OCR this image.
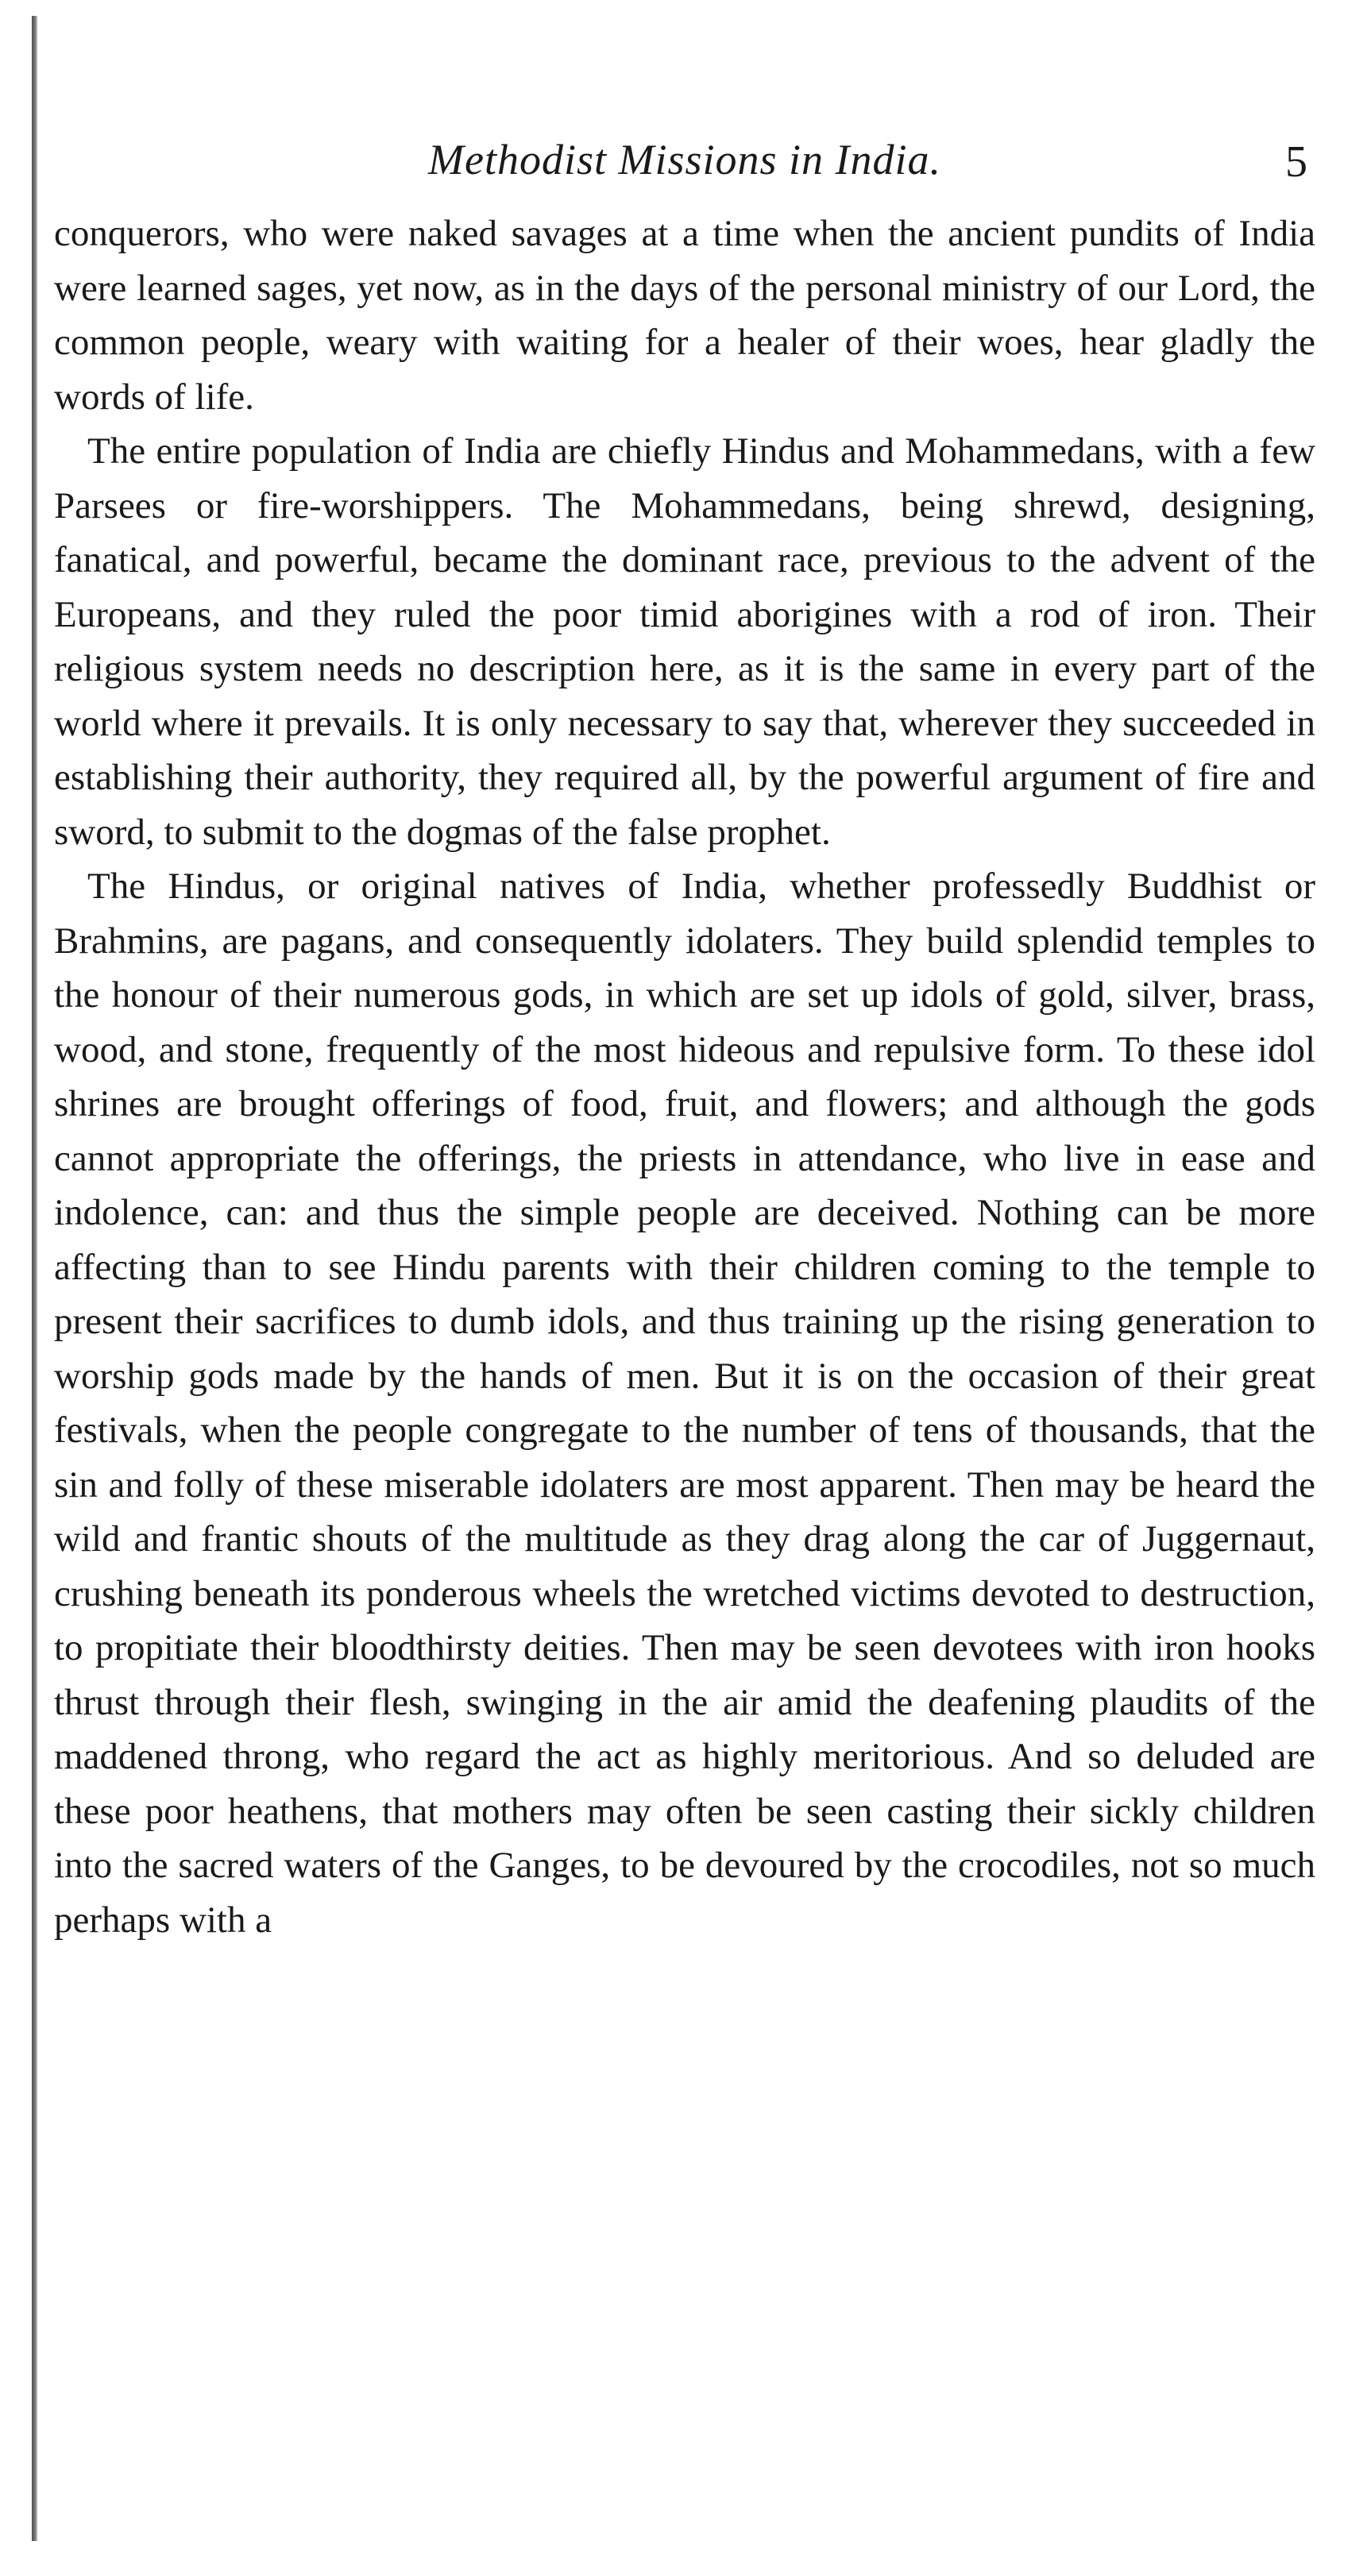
Methodist Missions in India.	5

conquerors, who were naked savages at a time when the ancient pundits of India were learned sages, yet now, as in the days of the personal ministry of our Lord, the common people, weary with waiting for a healer of their woes, hear gladly the words of life.

The entire population of India are chiefly Hindus and Mohammedans, with a few Parsees or fire-worshippers. The Mohammedans, being shrewd, designing, fanatical, and powerful, became the dominant race, previous to the advent of the Europeans, and they ruled the poor timid aborigines with a rod of iron. Their religious system needs no description here, as it is the same in every part of the world where it prevails. It is only necessary to say that, wherever they succeeded in establishing their authority, they required all, by the powerful argument of fire and sword, to submit to the dogmas of the false prophet.

The Hindus, or original natives of India, whether professedly Buddhist or Brahmins, are pagans, and consequently idolaters. They build splendid temples to the honour of their numerous gods, in which are set up idols of gold, silver, brass, wood, and stone, frequently of the most hideous and repulsive form. To these idol shrines are brought offerings of food, fruit, and flowers; and although the gods cannot appropriate the offerings, the priests in attendance, who live in ease and indolence, can: and thus the simple people are deceived. Nothing can be more affecting than to see Hindu parents with their children coming to the temple to present their sacrifices to dumb idols, and thus training up the rising generation to worship gods made by the hands of men. But it is on the occasion of their great festivals, when the people congregate to the number of tens of thousands, that the sin and folly of these miserable idolaters are most apparent. Then may be heard the wild and frantic shouts of the multitude as they drag along the car of Juggernaut, crushing beneath its ponderous wheels the wretched victims devoted to destruction, to propitiate their bloodthirsty deities. Then may be seen devotees with iron hooks thrust through their flesh, swinging in the air amid the deafening plaudits of the maddened throng, who regard the act as highly meritorious. And so deluded are these poor heathens, that mothers may often be seen casting their sickly children into the sacred waters of the Ganges, to be devoured by the crocodiles, not so much perhaps with a
